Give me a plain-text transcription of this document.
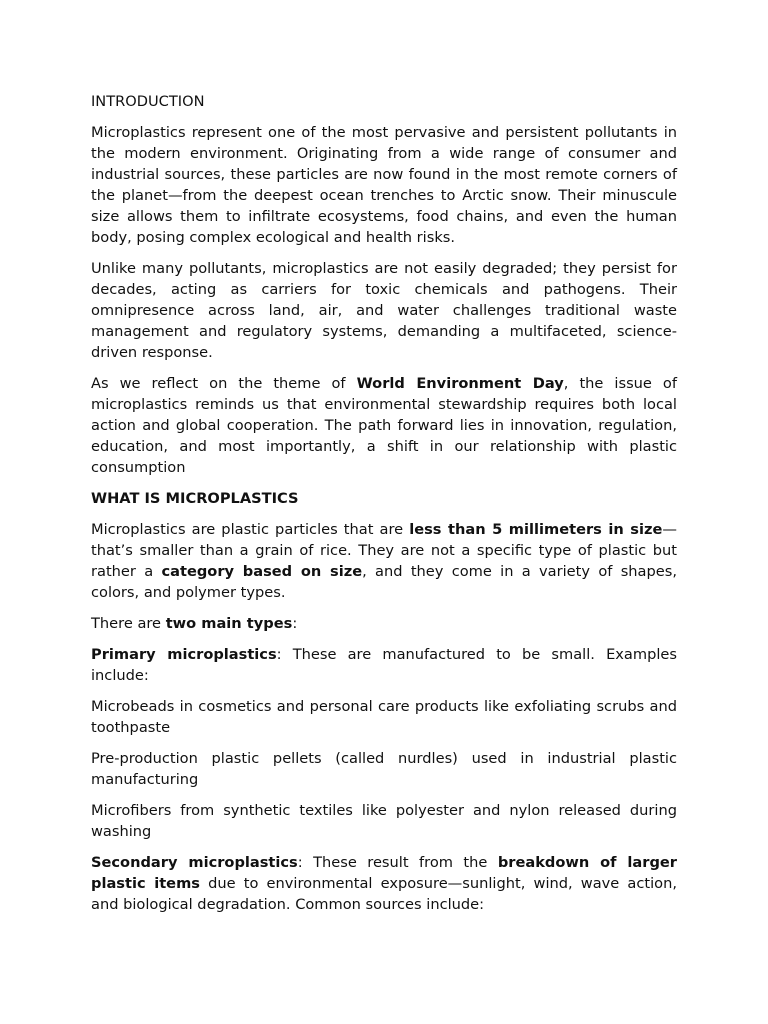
INTRODUCTION

Microplastics represent one of the most pervasive and persistent pollutants in the modern environment. Originating from a wide range of consumer and industrial sources, these particles are now found in the most remote corners of the planet—from the deepest ocean trenches to Arctic snow. Their minuscule size allows them to infiltrate ecosystems, food chains, and even the human body, posing complex ecological and health risks.

Unlike many pollutants, microplastics are not easily degraded; they persist for decades, acting as carriers for toxic chemicals and pathogens. Their omnipresence across land, air, and water challenges traditional waste management and regulatory systems, demanding a multifaceted, science-driven response.

As we reflect on the theme of World Environment Day, the issue of microplastics reminds us that environmental stewardship requires both local action and global cooperation. The path forward lies in innovation, regulation, education, and most importantly, a shift in our relationship with plastic consumption

WHAT IS MICROPLASTICS

Microplastics are plastic particles that are less than 5 millimeters in size—that’s smaller than a grain of rice. They are not a specific type of plastic but rather a category based on size, and they come in a variety of shapes, colors, and polymer types.

There are two main types:

Primary microplastics: These are manufactured to be small. Examples include:

Microbeads in cosmetics and personal care products like exfoliating scrubs and toothpaste

Pre-production plastic pellets (called nurdles) used in industrial plastic manufacturing

Microfibers from synthetic textiles like polyester and nylon released during washing

Secondary microplastics: These result from the breakdown of larger plastic items due to environmental exposure—sunlight, wind, wave action, and biological degradation. Common sources include:
